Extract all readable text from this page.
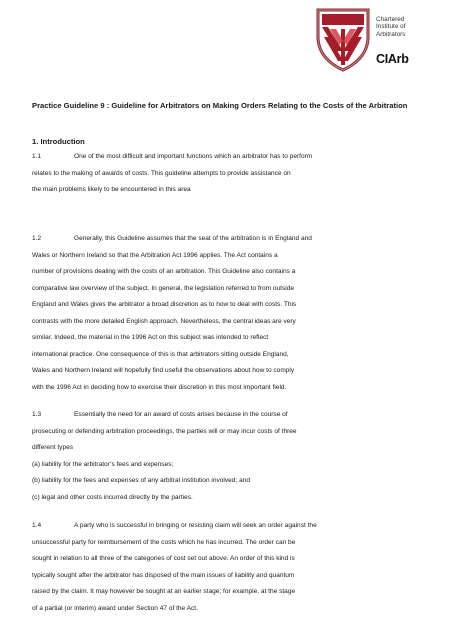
Chartered
Institute of
Arbitrators
CIArb
Practice Guideline 9 : Guideline for Arbitrators on Making Orders Relating to the Costs of the Arbitration
1. Introduction
1.1	One of the most difficult and important functions which an arbitrator has to perform
relates to the making of awards of costs. This guideline attempts to provide assistance on
the main problems likely to be encountered in this area
1.2	Generally, this Guideline assumes that the seat of the arbitration is in England and
Wales or Northern Ireland so that the Arbitration Act 1996 applies. The Act contains a
number of provisions dealing with the costs of an arbitration. This Guideline also contains a
comparative law overview of the subject. In general, the legislation referred to from outside
England and Wales gives the arbitrator a broad discretion as to how to deal with costs. This
contrasts with the more detailed English approach. Nevertheless, the central ideas are very
similar. Indeed, the material in the 1996 Act on this subject was intended to reflect
international practice. One consequence of this is that arbitrators sitting outside England,
Wales and Northern Ireland will hopefully find useful the observations about how to comply
with the 1996 Act in deciding how to exercise their discretion in this most important field.
1.3	Essentially the need for an award of costs arises because in the course of
prosecuting or defending arbitration proceedings, the parties will or may incur costs of three
different types
(a) liability for the arbitrator’s fees and expenses;
(b) liability for the fees and expenses of any arbitral institution involved; and
(c) legal and other costs incurred directly by the parties.
1.4	A party who is successful in bringing or resisting claim will seek an order against the
unsuccessful party for reimbursement of the costs which he has incurred. The order can be
sought in relation to all three of the categories of cost set out above. An order of this kind is
typically sought after the arbitrator has disposed of the main issues of liability and quantum
raised by the claim. It may however be sought at an earlier stage; for example, at the stage
of a partial (or interim) award under Section 47 of the Act.
